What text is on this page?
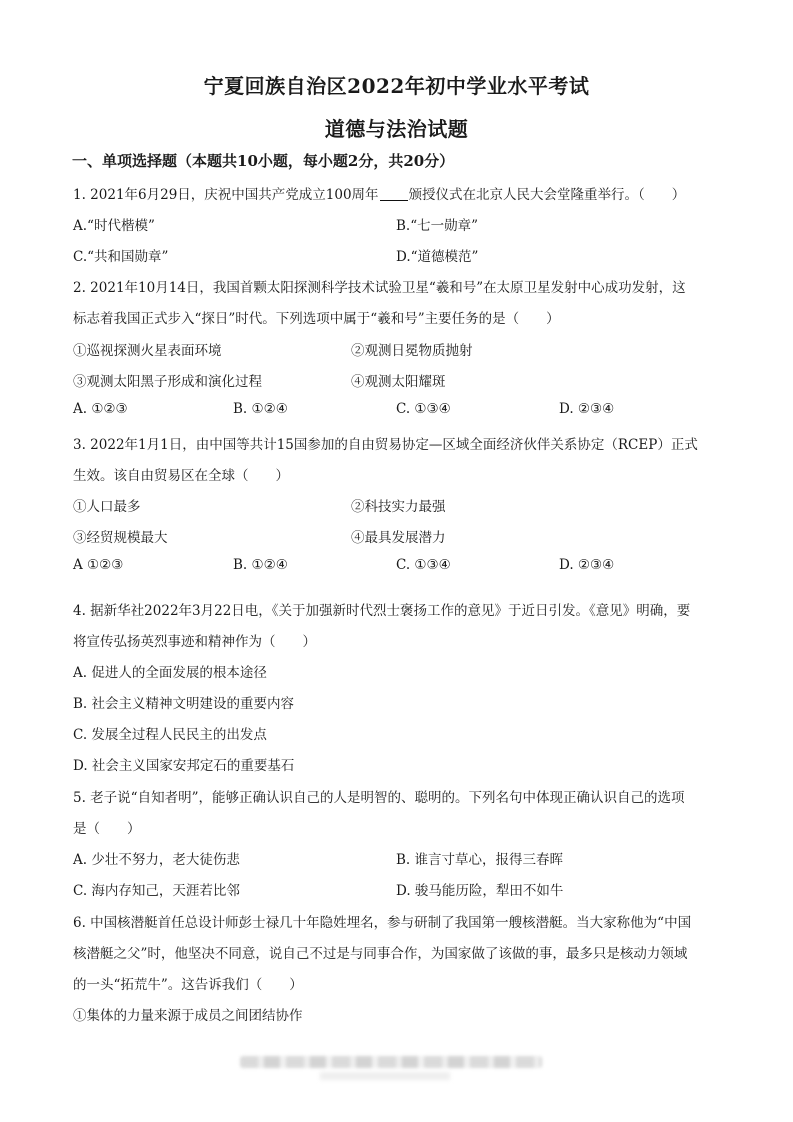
宁夏回族自治区2022年初中学业水平考试
道德与法治试题
一、单项选择题（本题共10小题，每小题2分，共20分）
1. 2021年6月29日，庆祝中国共产党成立100周年 颁授仪式在北京人民大会堂隆重举行。（　　）
A.“时代楷模”	B.“七一勋章”
C.“共和国勋章”	D.“道德模范”
2. 2021年10月14日，我国首颗太阳探测科学技术试验卫星“羲和号”在太原卫星发射中心成功发射，这
标志着我国正式步入“探日”时代。下列选项中属于“羲和号”主要任务的是（　　）
①巡视探测火星表面环境	②观测日冕物质抛射
③观测太阳黑子形成和演化过程	④观测太阳耀斑
A. ①②③	B. ①②④	C. ①③④	D. ②③④
3. 2022年1月1日，由中国等共计15国参加的自由贸易协定—区域全面经济伙伴关系协定（RCEP）正式
生效。该自由贸易区在全球（　　）
①人口最多	②科技实力最强
③经贸规模最大	④最具发展潜力
A ①②③	B. ①②④	C. ①③④	D. ②③④
4. 据新华社2022年3月22日电，《关于加强新时代烈士褒扬工作的意见》于近日引发。《意见》明确，要
将宣传弘扬英烈事迹和精神作为（　　）
A. 促进人的全面发展的根本途径
B. 社会主义精神文明建设的重要内容
C. 发展全过程人民民主的出发点
D. 社会主义国家安邦定石的重要基石
5. 老子说“自知者明”，能够正确认识自己的人是明智的、聪明的。下列名句中体现正确认识自己的选项
是（　　）
A. 少壮不努力，老大徒伤悲	B. 谁言寸草心，报得三春晖
C. 海内存知己，天涯若比邻	D. 骏马能历险，犁田不如牛
6. 中国核潜艇首任总设计师彭士禄几十年隐姓埋名，参与研制了我国第一艘核潜艇。当大家称他为“中国
核潜艇之父”时，他坚决不同意，说自己不过是与同事合作，为国家做了该做的事，最多只是核动力领域
的一头“拓荒牛”。这告诉我们（　　）
①集体的力量来源于成员之间团结协作
